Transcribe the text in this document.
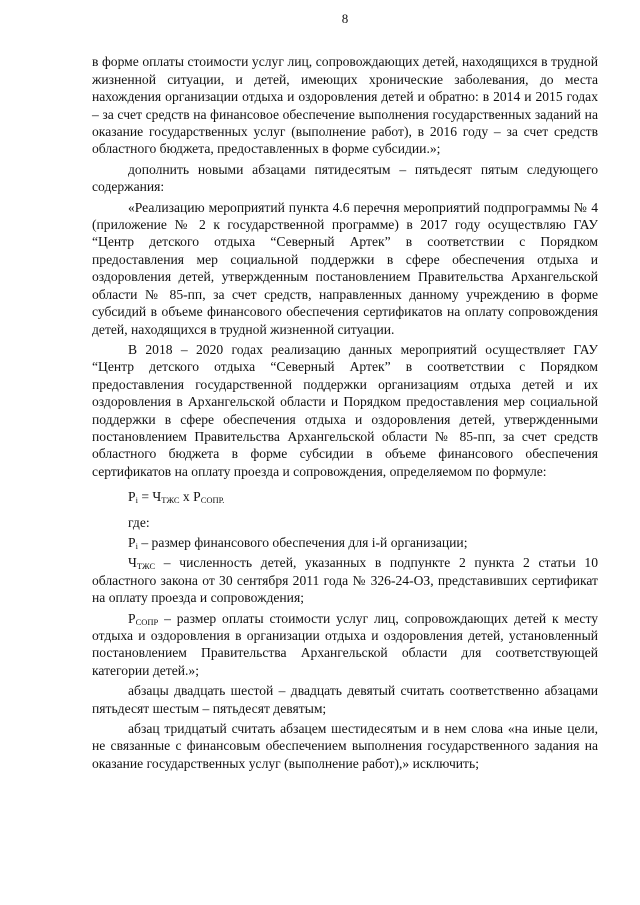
8

в форме оплаты стоимости услуг лиц, сопровождающих детей, находящихся в трудной жизненной ситуации, и детей, имеющих хронические заболевания, до места нахождения организации отдыха и оздоровления детей и обратно: в 2014 и 2015 годах – за счет средств на финансовое обеспечение выполнения государственных заданий на оказание государственных услуг (выполнение работ), в 2016 году – за счет средств областного бюджета, предоставленных в форме субсидии.»;

дополнить новыми абзацами пятидесятым – пятьдесят пятым следующего содержания:

«Реализацию мероприятий пункта 4.6 перечня мероприятий подпрограммы № 4 (приложение № 2 к государственной программе) в 2017 году осуществляю ГАУ “Центр детского отдыха “Северный Артек” в соответствии с Порядком предоставления мер социальной поддержки в сфере обеспечения отдыха и оздоровления детей, утвержденным постановлением Правительства Архангельской области № 85-пп, за счет средств, направленных данному учреждению в форме субсидий в объеме финансового обеспечения сертификатов на оплату сопровождения детей, находящихся в трудной жизненной ситуации.

В 2018 – 2020 годах реализацию данных мероприятий осуществляет ГАУ “Центр детского отдыха “Северный Артек” в соответствии с Порядком предоставления государственной поддержки организациям отдыха детей и их оздоровления в Архангельской области и Порядком предоставления мер социальной поддержки в сфере обеспечения отдыха и оздоровления детей, утвержденными постановлением Правительства Архангельской области № 85-пп, за счет средств областного бюджета в форме субсидии в объеме финансового обеспечения сертификатов на оплату проезда и сопровождения, определяемом по формуле:

$P_i = Ч_{ТЖС}$ х $P_{СОПР.}$

где:

$P_i$ – размер финансового обеспечения для i-й организации;

$Ч_{ТЖС}$ – численность детей, указанных в подпункте 2 пункта 2 статьи 10 областного закона от 30 сентября 2011 года № 326-24-ОЗ, представивших сертификат на оплату проезда и сопровождения;

$P_{СОПР}$ – размер оплаты стоимости услуг лиц, сопровождающих детей к месту отдыха и оздоровления в организации отдыха и оздоровления детей, установленный постановлением Правительства Архангельской области для соответствующей категории детей.»;

абзацы двадцать шестой – двадцать девятый считать соответственно абзацами пятьдесят шестым – пятьдесят девятым;

абзац тридцатый считать абзацем шестидесятым и в нем слова «на иные цели, не связанные с финансовым обеспечением выполнения государственного задания на оказание государственных услуг (выполнение работ),» исключить;
